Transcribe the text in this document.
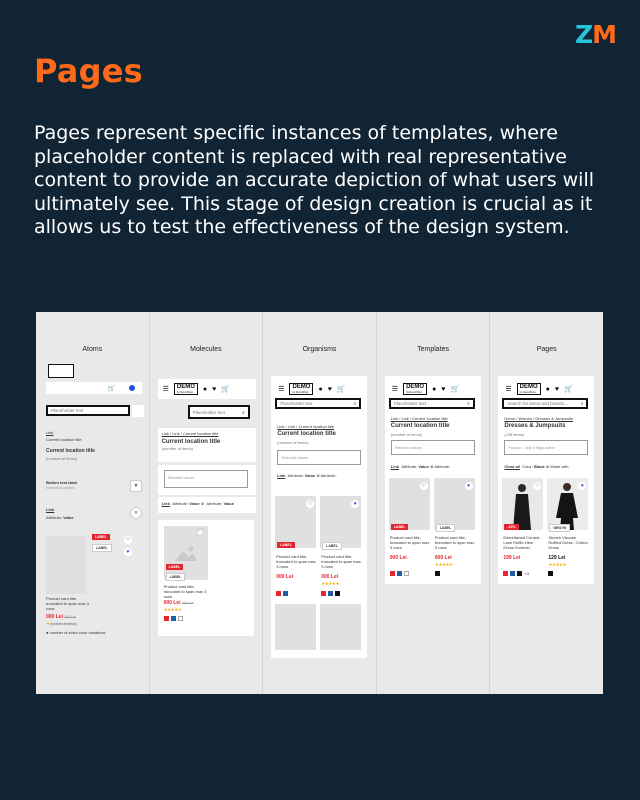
Z M
Pages

Pages represent specific instances of templates, where placeholder content is replaced with real representative content to provide an accurate depiction of what users will ultimately see. This stage of design creation is crucial as it allows us to test the effectiveness of the design system.

Atoms
DEMO
by DemoShop
☰ ● ♥ 🛒
Placeholder text	⌕
Link
Current location title
Current location title
(number of items)
Button text label
Selected values	▼
Link
Attribute: Value
✕
LABEL
LABEL
♡
♥
Product card title, truncated to span max 3 rows
000 Lei 000 Lei
★ (number of reviews)
● number of extra color variations
Molecules
☰	DEMO
by DemoShop	● ♥ 🛒
Placeholder text	⌕
Link / Link / Current location title
Current location title
(number of items)
Button text label
Selected values
Link Attribute: Value ⊗  Attribute: Value
♡
LABEL
LABEL
Product card title, truncated to span max 3 rows
000 Lei 000 Lei
★★★★★
Organisms
☰	DEMO
by DemoShop	● ♥ 🛒
Placeholder text	⌕
Link / Link / Current location title
Current location title
(number of items)
Button text label
Selected values
Link Attribute: Value ⊗ Attribute:
♡	♥
LABEL	LABEL
Product card title, truncated to span max 3 rows
Product card title, truncated to span max 3 rows
000 Lei	000 Lei
★★★★★
Templates
☰	DEMO
by DemoShop	● ♥ 🛒
Placeholder text	⌕
Link / Link / Current location title
Current location title
(number of items)
Button text label
Selected values
Link Attribute: Value ⊗ Attribute:
♡	♥
LABEL	LABEL
Product card title, truncated to span max 3 rows
Product card title, truncated to span max 3 rows
000 Lei	000 Lei
★★★★★
Pages
☰	DEMO
by DemoShop	● ♥ 🛒
Search for items and brands...	⌕
Home / Women / Dresses & Jumpsuits
Dresses & Jumpsuits
(138 items)
Sort & Filter
Popular - only 6 flags active
Clear all Color: Black ⊗ Made with
♡	♥
-15%	NEW IN
Embellished Corded Lace Ruffle-Hem Dress Summer
Stretch Viscose Ruffled Dress - Cotton Dress
199 Lei	129 Lei
★★★★★
+3
